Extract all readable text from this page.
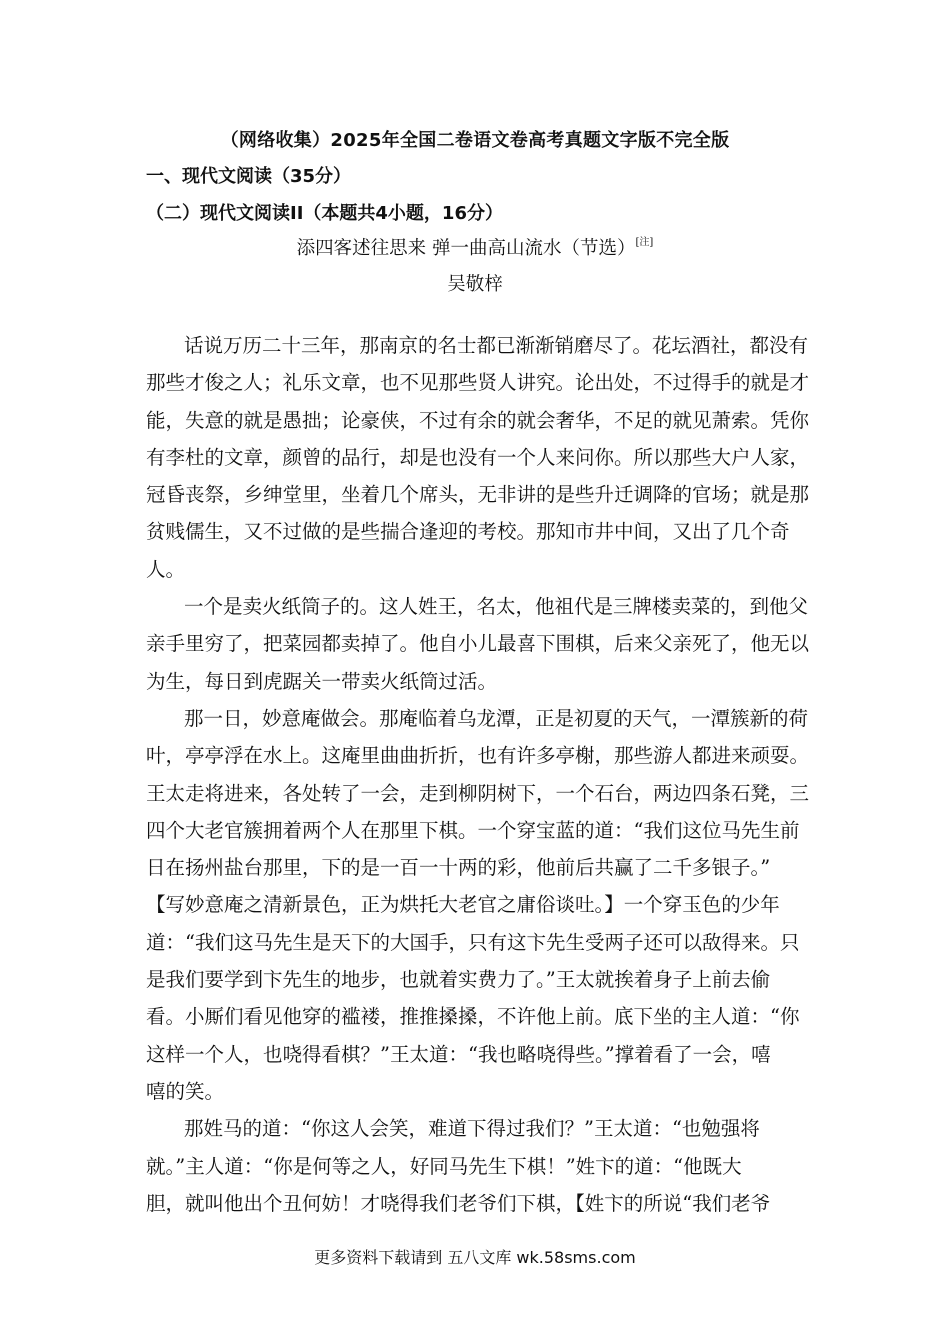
（网络收集）2025年全国二卷语文卷高考真题文字版不完全版
一、现代文阅读（35分）
（二）现代文阅读II（本题共4小题，16分）
添四客述往思来 弹一曲高山流水（节选）[注]
吴敬梓
话说万历二十三年，那南京的名士都已渐渐销磨尽了。花坛酒社，都没有
那些才俊之人；礼乐文章，也不见那些贤人讲究。论出处，不过得手的就是才
能，失意的就是愚拙；论豪侠，不过有余的就会奢华，不足的就见萧索。凭你
有李杜的文章，颜曾的品行，却是也没有一个人来问你。所以那些大户人家，
冠昏丧祭，乡绅堂里，坐着几个席头，无非讲的是些升迁调降的官场；就是那
贫贱儒生，又不过做的是些揣合逢迎的考校。那知市井中间，又出了几个奇
人。
一个是卖火纸筒子的。这人姓王，名太，他祖代是三牌楼卖菜的，到他父
亲手里穷了，把菜园都卖掉了。他自小儿最喜下围棋，后来父亲死了，他无以
为生，每日到虎踞关一带卖火纸筒过活。
那一日，妙意庵做会。那庵临着乌龙潭，正是初夏的天气，一潭簇新的荷
叶，亭亭浮在水上。这庵里曲曲折折，也有许多亭榭，那些游人都进来顽耍。
王太走将进来，各处转了一会，走到柳阴树下，一个石台，两边四条石凳，三
四个大老官簇拥着两个人在那里下棋。一个穿宝蓝的道：“我们这位马先生前
日在扬州盐台那里，下的是一百一十两的彩，他前后共赢了二千多银子。”
【写妙意庵之清新景色，正为烘托大老官之庸俗谈吐。】一个穿玉色的少年
道：“我们这马先生是天下的大国手，只有这卞先生受两子还可以敌得来。只
是我们要学到卞先生的地步，也就着实费力了。”王太就挨着身子上前去偷
看。小厮们看见他穿的褴褛，推推搡搡，不许他上前。底下坐的主人道：“你
这样一个人，也哓得看棋？”王太道：“我也略哓得些。”撑着看了一会，嘻
嘻的笑。
那姓马的道：“你这人会笑，难道下得过我们？”王太道：“也勉强将
就。”主人道：“你是何等之人，好同马先生下棋！”姓卞的道：“他既大
胆，就叫他出个丑何妨！才哓得我们老爷们下棋，【姓卞的所说“我们老爷
更多资料下载请到 五八文库 wk.58sms.com
